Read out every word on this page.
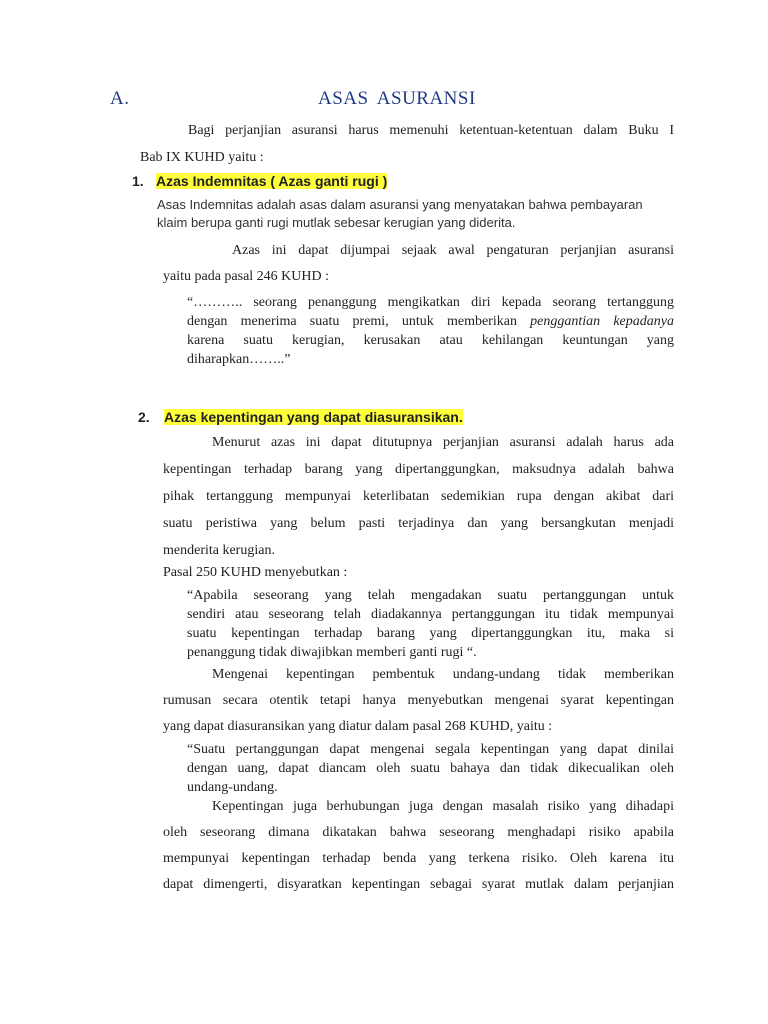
A.	ASAS ASURANSI
Bagi perjanjian asuransi harus memenuhi ketentuan-ketentuan dalam Buku I
Bab IX KUHD yaitu :
1. Azas Indemnitas ( Azas ganti rugi )
Asas Indemnitas adalah asas dalam asuransi yang menyatakan bahwa pembayaran
klaim berupa ganti rugi mutlak sebesar kerugian yang diderita.
Azas ini dapat dijumpai sejaak awal pengaturan perjanjian asuransi
yaitu pada pasal 246 KUHD :
“……….. seorang penanggung mengikatkan diri kepada seorang tertanggung
dengan menerima suatu premi, untuk memberikan penggantian kepadanya
karena suatu kerugian, kerusakan atau kehilangan keuntungan yang
diharapkan……..”
2. Azas kepentingan yang dapat diasuransikan.
Menurut azas ini dapat ditutupnya perjanjian asuransi adalah harus ada
kepentingan terhadap barang yang dipertanggungkan, maksudnya adalah bahwa
pihak tertanggung mempunyai keterlibatan sedemikian rupa dengan akibat dari
suatu peristiwa yang belum pasti terjadinya dan yang bersangkutan menjadi
menderita kerugian.
Pasal 250 KUHD menyebutkan :
“Apabila seseorang yang telah mengadakan suatu pertanggungan untuk
sendiri atau seseorang telah diadakannya pertanggungan itu tidak mempunyai
suatu kepentingan terhadap barang yang dipertanggungkan itu, maka si
penanggung tidak diwajibkan memberi ganti rugi “.
Mengenai kepentingan pembentuk undang-undang tidak memberikan
rumusan secara otentik tetapi hanya menyebutkan mengenai syarat kepentingan
yang dapat diasuransikan yang diatur dalam pasal 268 KUHD, yaitu :
“Suatu pertanggungan dapat mengenai segala kepentingan yang dapat dinilai
dengan uang, dapat diancam oleh suatu bahaya dan tidak dikecualikan oleh
undang-undang.
Kepentingan juga berhubungan juga dengan masalah risiko yang dihadapi
oleh seseorang dimana dikatakan bahwa seseorang menghadapi risiko apabila
mempunyai kepentingan terhadap benda yang terkena risiko. Oleh karena itu
dapat dimengerti, disyaratkan kepentingan sebagai syarat mutlak dalam perjanjian
